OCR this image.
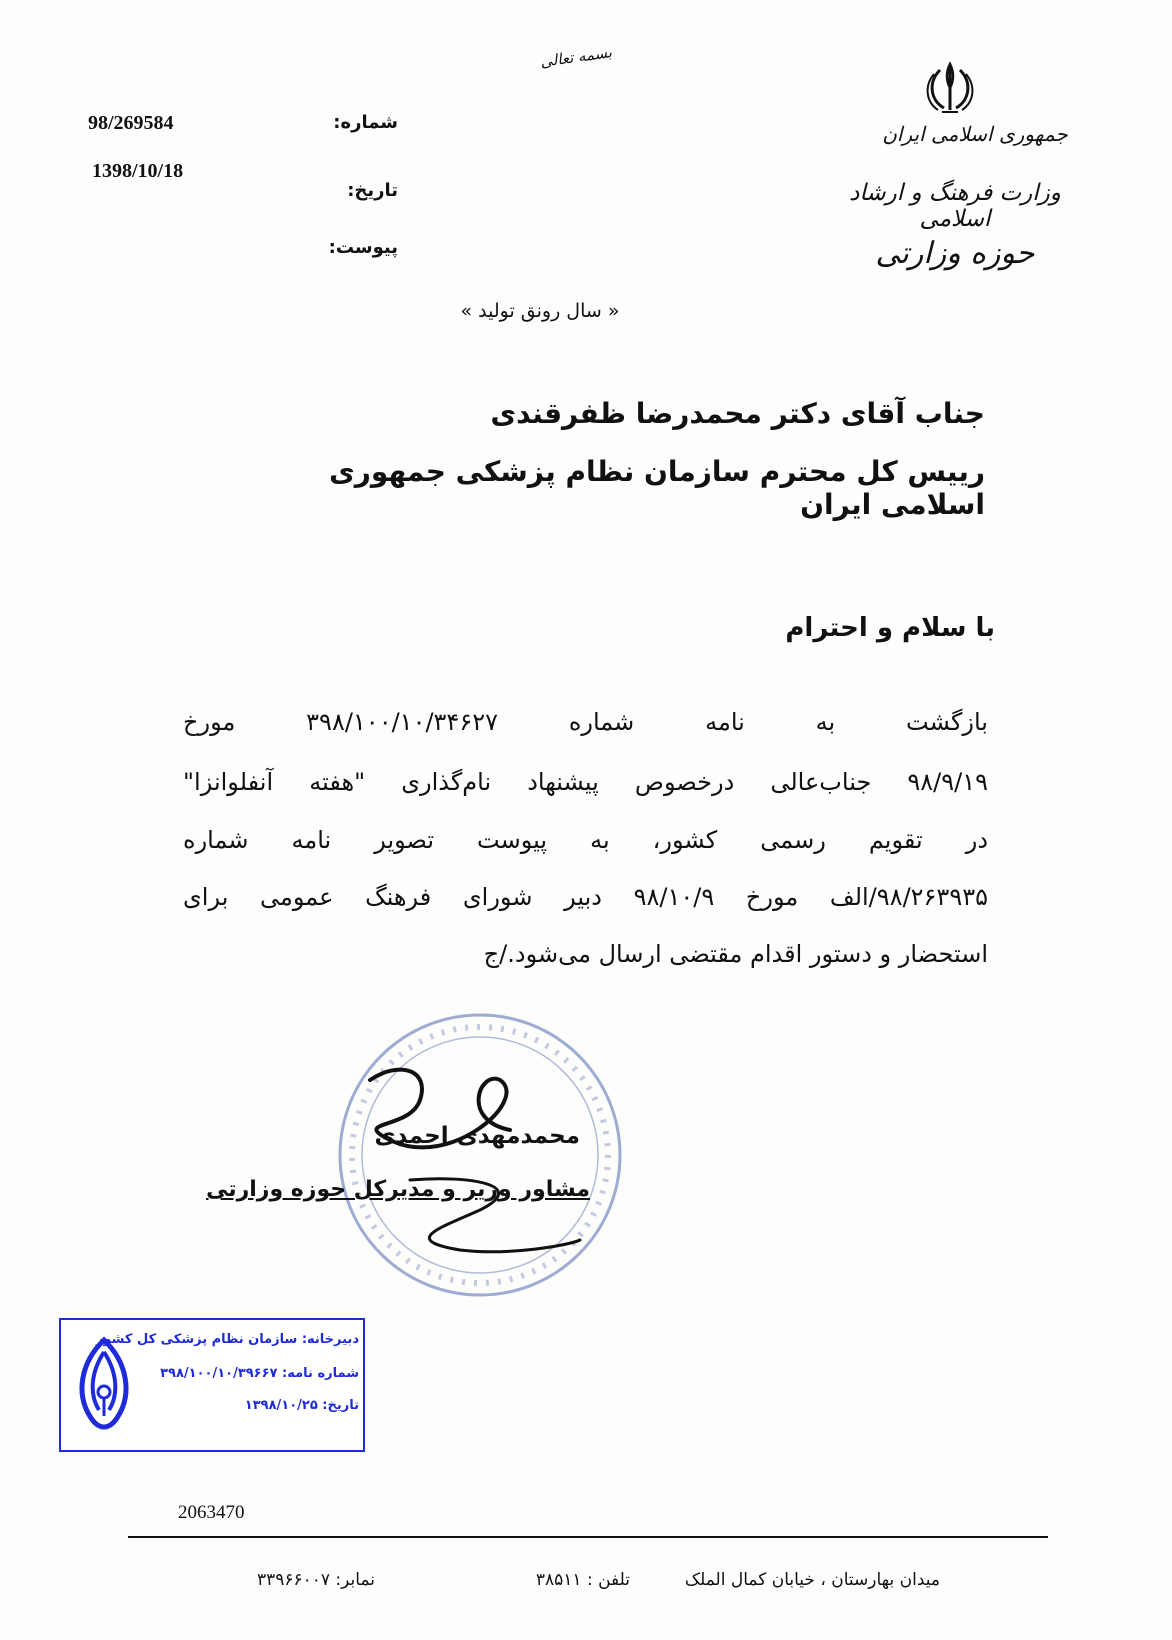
بسمه تعالی
جمهوری اسلامی ایران
وزارت فرهنگ و ارشاد اسلامی
حوزه وزارتی
شماره:
تاریخ:
پیوست:
98/269584
1398/10/18
« سال رونق تولید »
جناب آقای دکتر محمدرضا ظفرقندی
رییس کل محترم سازمان نظام پزشکی جمهوری اسلامی ایران
با سلام و احترام
بازگشت به نامه شماره ۳۹۸/۱۰۰/۱۰/۳۴۶۲۷ مورخ
۹۸/۹/۱۹ جناب‌عالی درخصوص پیشنهاد نام‌گذاری "هفته آنفلوانزا"
در تقویم رسمی کشور، به پیوست تصویر نامه شماره
۹۸/۲۶۳۹۳۵/الف مورخ ۹۸/۱۰/۹ دبیر شورای فرهنگ عمومی برای
استحضار و دستور اقدام مقتضی ارسال می‌شود./ج
محمدمهدی احمدی
مشاور وزیر و مدیرکل حوزه وزارتی
دبیرخانه: سازمان نظام پزشکی کل کشور
شماره نامه: ۳۹۸/۱۰۰/۱۰/۳۹۶۶۷
تاریخ: ۱۳۹۸/۱۰/۲۵
2063470
میدان بهارستان ، خیابان کمال الملک
تلفن : ۳۸۵۱۱
نمابر: ۳۳۹۶۶۰۰۷
